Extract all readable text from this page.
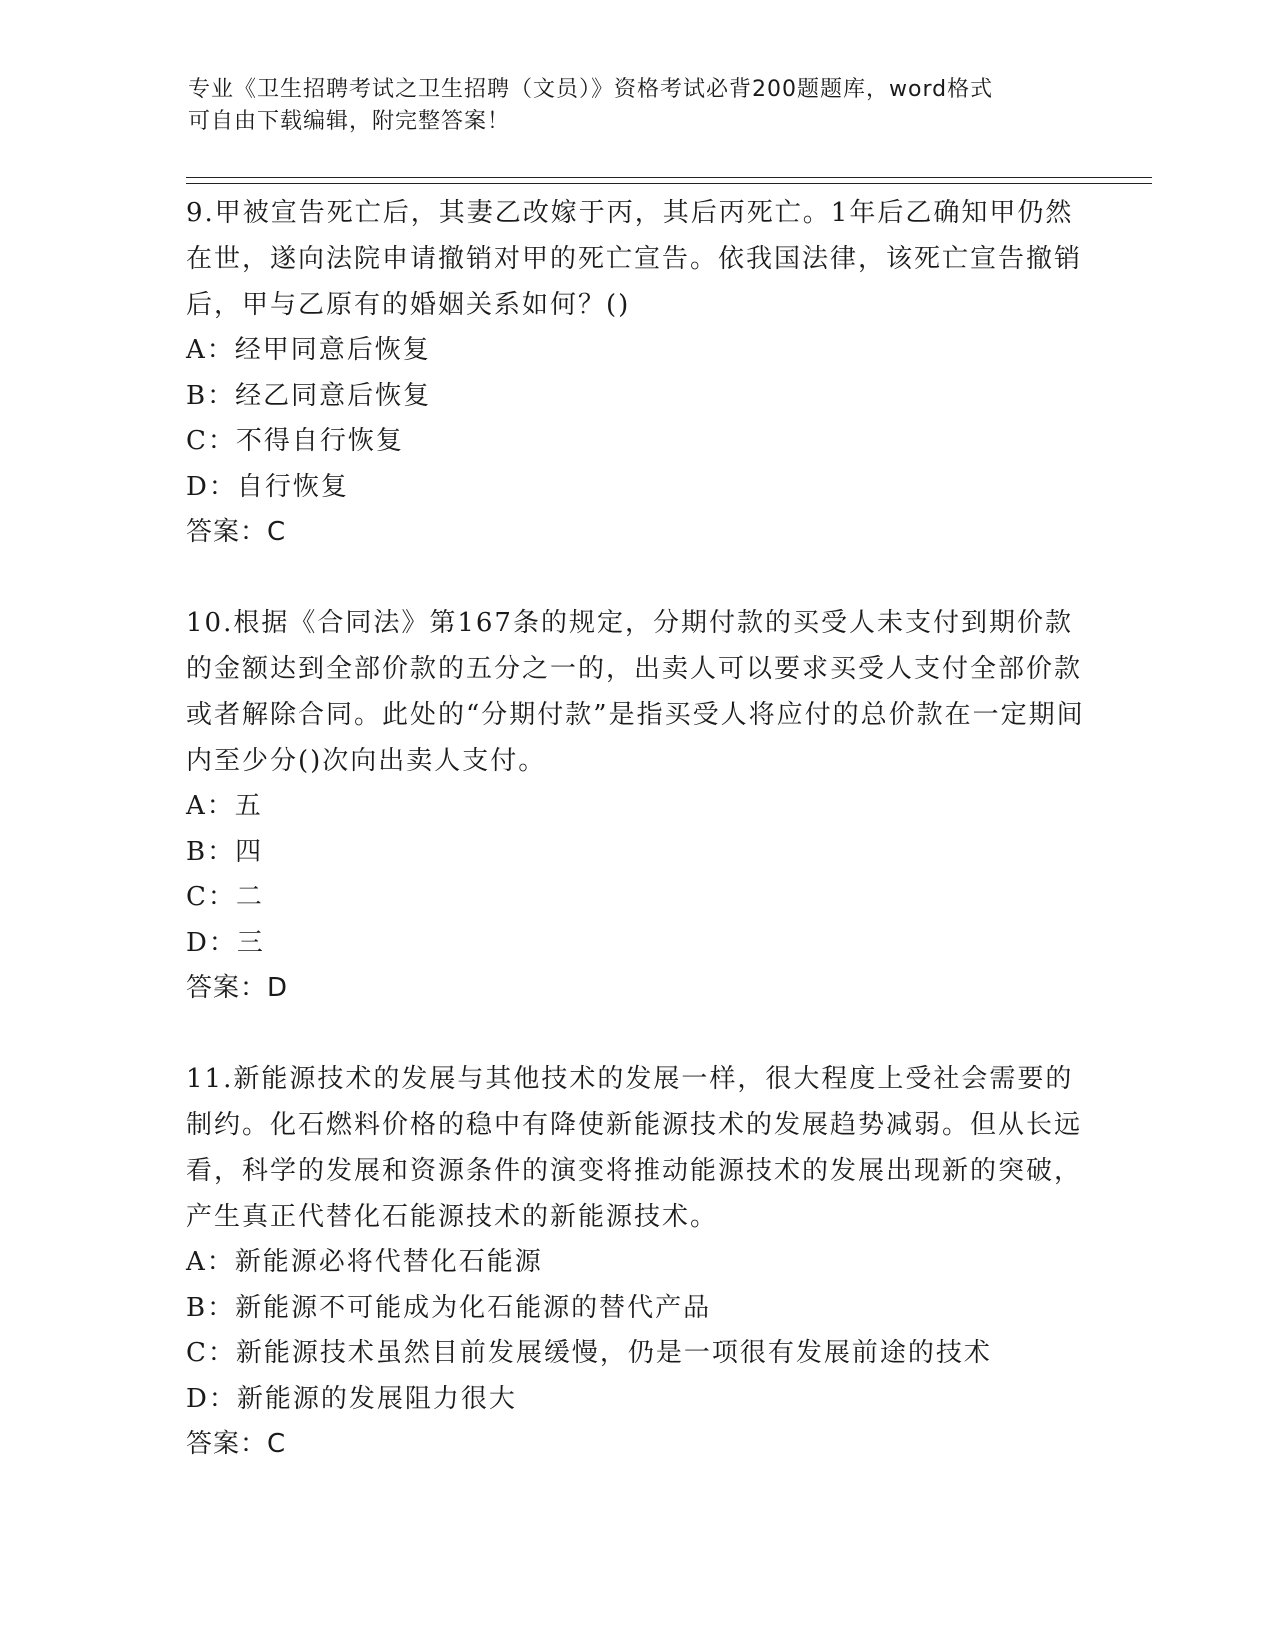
专业《卫生招聘考试之卫生招聘（文员）》资格考试必背200题题库，word格式
可自由下载编辑，附完整答案！

9.甲被宣告死亡后，其妻乙改嫁于丙，其后丙死亡。1年后乙确知甲仍然在世，遂向法院申请撤销对甲的死亡宣告。依我国法律，该死亡宣告撤销后，甲与乙原有的婚姻关系如何？()

A：经甲同意后恢复

B：经乙同意后恢复

C：不得自行恢复

D：自行恢复

答案：C

10.根据《合同法》第167条的规定，分期付款的买受人未支付到期价款的金额达到全部价款的五分之一的，出卖人可以要求买受人支付全部价款或者解除合同。此处的“分期付款”是指买受人将应付的总价款在一定期间内至少分()次向出卖人支付。

A：五

B：四

C：二

D：三

答案：D

11.新能源技术的发展与其他技术的发展一样，很大程度上受社会需要的制约。化石燃料价格的稳中有降使新能源技术的发展趋势减弱。但从长远看，科学的发展和资源条件的演变将推动能源技术的发展出现新的突破，产生真正代替化石能源技术的新能源技术。

A：新能源必将代替化石能源

B：新能源不可能成为化石能源的替代产品

C：新能源技术虽然目前发展缓慢，仍是一项很有发展前途的技术

D：新能源的发展阻力很大

答案：C
